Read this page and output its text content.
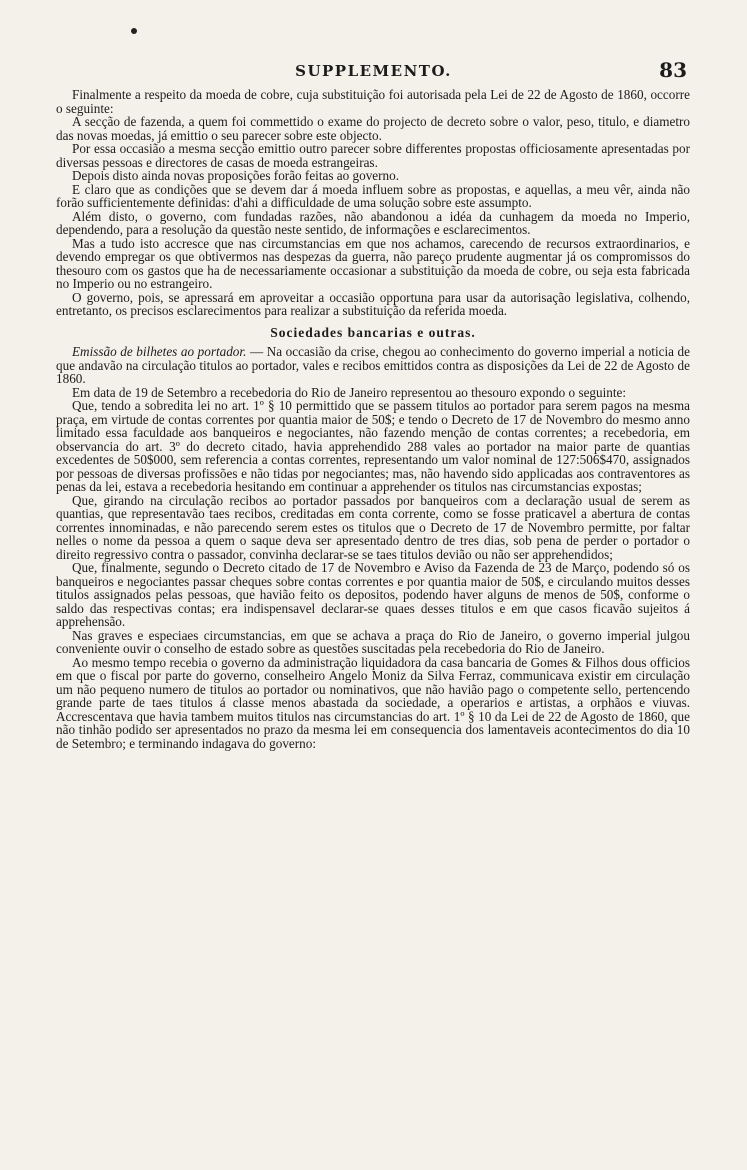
SUPPLEMENTO.	83

Finalmente a respeito da moeda de cobre, cuja substituição foi autorisada pela Lei de 22 de Agosto de 1860, occorre o seguinte:

A secção de fazenda, a quem foi commettido o exame do projecto de decreto sobre o valor, peso, titulo, e diametro das novas moedas, já emittio o seu parecer sobre este objecto.

Por essa occasião a mesma secção emittio outro parecer sobre differentes propostas officiosamente apresentadas por diversas pessoas e directores de casas de moeda estrangeiras.

Depois disto ainda novas proposições forão feitas ao governo.

E claro que as condições que se devem dar á moeda influem sobre as propostas, e aquellas, a meu vêr, ainda não forão sufficientemente definidas: d'ahi a difficuldade de uma solução sobre este assumpto.

Além disto, o governo, com fundadas razões, não abandonou a idéa da cunhagem da moeda no Imperio, dependendo, para a resolução da questão neste sentido, de informações e esclarecimentos.

Mas a tudo isto accresce que nas circumstancias em que nos achamos, carecendo de recursos extraordinarios, e devendo empregar os que obtivermos nas despezas da guerra, não pareço prudente augmentar já os compromissos do thesouro com os gastos que ha de necessariamente occasionar a substituição da moeda de cobre, ou seja esta fabricada no Imperio ou no estrangeiro.

O governo, pois, se apressará em aproveitar a occasião opportuna para usar da autorisação legislativa, colhendo, entretanto, os precisos esclarecimentos para realizar a substituição da referida moeda.

Sociedades bancarias e outras.

Emissão de bilhetes ao portador. — Na occasião da crise, chegou ao conhecimento do governo imperial a noticia de que andavão na circulação titulos ao portador, vales e recibos emittidos contra as disposições da Lei de 22 de Agosto de 1860.

Em data de 19 de Setembro a recebedoria do Rio de Janeiro representou ao thesouro expondo o seguinte:

Que, tendo a sobredita lei no art. 1º § 10 permittido que se passem titulos ao portador para serem pagos na mesma praça, em virtude de contas correntes por quantia maior de 50$; e tendo o Decreto de 17 de Novembro do mesmo anno limitado essa faculdade aos banqueiros e negociantes, não fazendo menção de contas correntes; a recebedoria, em observancia do art. 3º do decreto citado, havia apprehendido 288 vales ao portador na maior parte de quantias excedentes de 50$000, sem referencia a contas correntes, representando um valor nominal de 127:506$470, assignados por pessoas de diversas profissões e não tidas por negociantes; mas, não havendo sido applicadas aos contraventores as penas da lei, estava a recebedoria hesitando em continuar a apprehender os titulos nas circumstancias expostas;

Que, girando na circulação recibos ao portador passados por banqueiros com a declaração usual de serem as quantias, que representavão taes recibos, creditadas em conta corrente, como se fosse praticavel a abertura de contas correntes innominadas, e não parecendo serem estes os titulos que o Decreto de 17 de Novembro permitte, por faltar nelles o nome da pessoa a quem o saque deva ser apresentado dentro de tres dias, sob pena de perder o portador o direito regressivo contra o passador, convinha declarar-se se taes titulos devião ou não ser apprehendidos;

Que, finalmente, segundo o Decreto citado de 17 de Novembro e Aviso da Fazenda de 23 de Março, podendo só os banqueiros e negociantes passar cheques sobre contas correntes e por quantia maior de 50$, e circulando muitos desses titulos assignados pelas pessoas, que havião feito os depositos, podendo haver alguns de menos de 50$, conforme o saldo das respectivas contas; era indispensavel declarar-se quaes desses titulos e em que casos ficavão sujeitos á apprehensão.

Nas graves e especiaes circumstancias, em que se achava a praça do Rio de Janeiro, o governo imperial julgou conveniente ouvir o conselho de estado sobre as questões suscitadas pela recebedoria do Rio de Janeiro.

Ao mesmo tempo recebia o governo da administração liquidadora da casa bancaria de Gomes & Filhos dous officios em que o fiscal por parte do governo, conselheiro Angelo Moniz da Silva Ferraz, communicava existir em circulação um não pequeno numero de titulos ao portador ou nominativos, que não havião pago o competente sello, pertencendo grande parte de taes titulos á classe menos abastada da sociedade, a operarios e artistas, a orphãos e viuvas. Accrescentava que havia tambem muitos titulos nas circumstancias do art. 1º § 10 da Lei de 22 de Agosto de 1860, que não tinhão podido ser apresentados no prazo da mesma lei em consequencia dos lamentaveis acontecimentos do dia 10 de Setembro; e terminando indagava do governo:
